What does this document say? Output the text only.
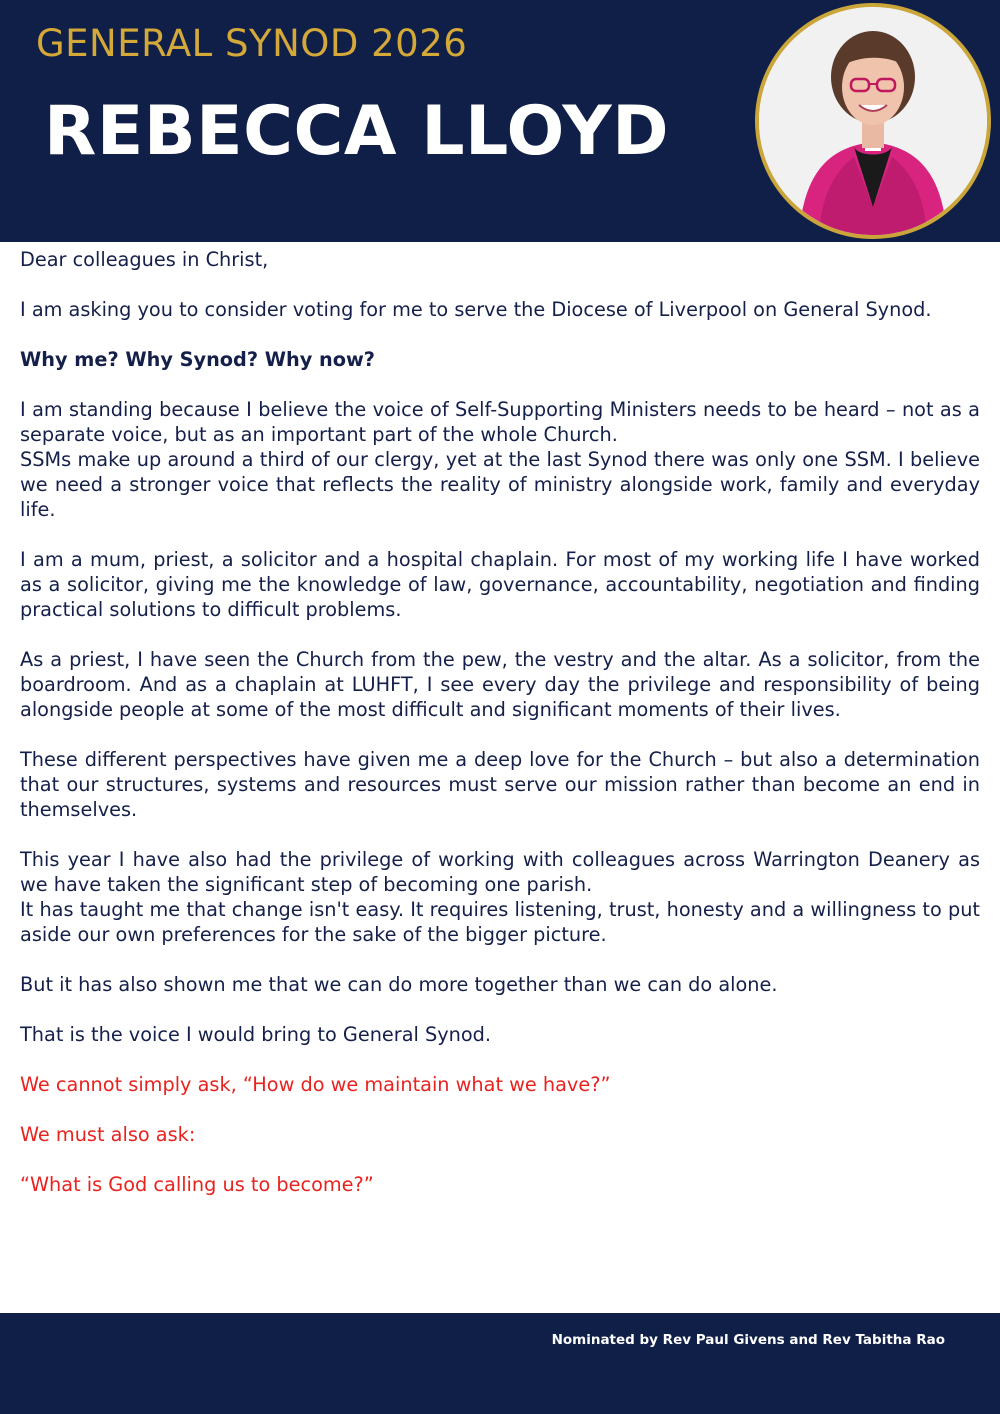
GENERAL SYNOD 2026
REBECCA LLOYD

Dear colleagues in Christ,

I am asking you to consider voting for me to serve the Diocese of Liverpool on General Synod.

Why me? Why Synod? Why now?

I am standing because I believe the voice of Self-Supporting Ministers needs to be heard – not as a separate voice, but as an important part of the whole Church.
SSMs make up around a third of our clergy, yet at the last Synod there was only one SSM. I believe we need a stronger voice that reflects the reality of ministry alongside work, family and everyday life.

I am a mum, priest, a solicitor and a hospital chaplain. For most of my working life I have worked as a solicitor, giving me the knowledge of law, governance, accountability, negotiation and finding practical solutions to difficult problems.

As a priest, I have seen the Church from the pew, the vestry and the altar. As a solicitor, from the boardroom. And as a chaplain at LUHFT, I see every day the privilege and responsibility of being alongside people at some of the most difficult and significant moments of their lives.

These different perspectives have given me a deep love for the Church – but also a determination that our structures, systems and resources must serve our mission rather than become an end in themselves.

This year I have also had the privilege of working with colleagues across Warrington Deanery as we have taken the significant step of becoming one parish.
It has taught me that change isn't easy. It requires listening, trust, honesty and a willingness to put aside our own preferences for the sake of the bigger picture.

But it has also shown me that we can do more together than we can do alone.

That is the voice I would bring to General Synod.

We cannot simply ask, “How do we maintain what we have?”

We must also ask:

“What is God calling us to become?”

Nominated by Rev Paul Givens and Rev Tabitha Rao
